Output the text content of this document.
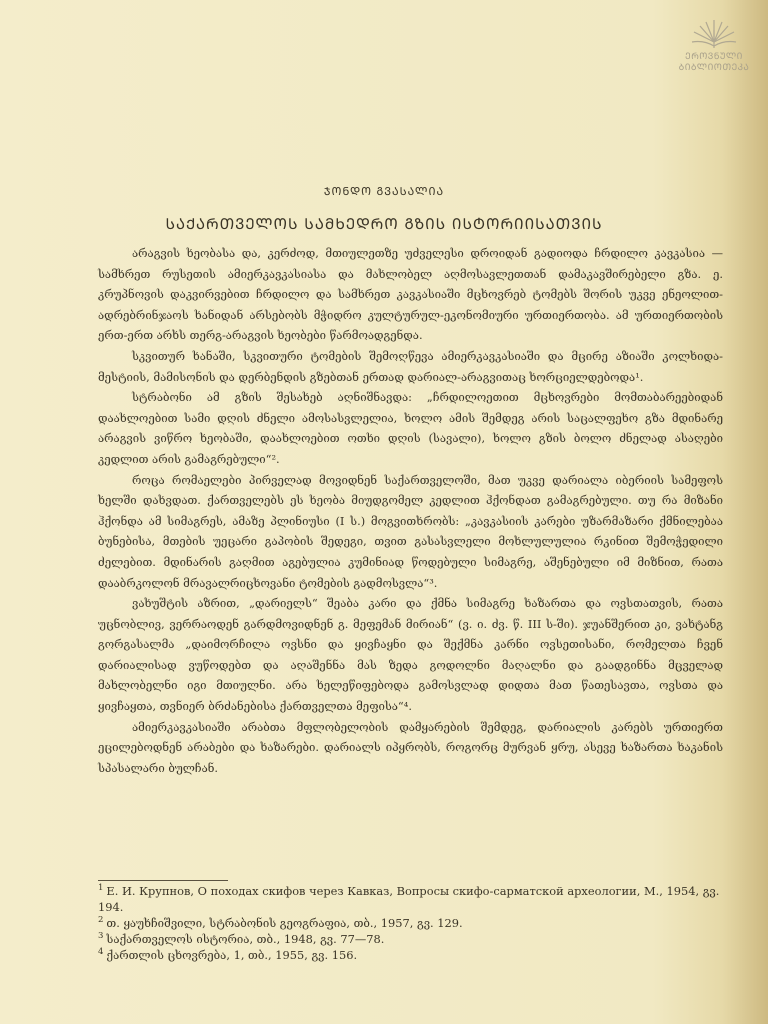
ᲔᲠᲝᲕᲜᲣᲚᲘ
ᲑᲘᲑᲚᲘᲝᲗᲔᲙᲐ
ᲯᲝᲜᲓᲝ ᲒᲕᲐᲡᲐᲚᲘᲐ
ᲡᲐᲥᲐᲠᲗᲕᲔᲚᲝᲡ ᲡᲐᲛᲮᲔᲓᲠᲝ ᲒᲖᲘᲡ ᲘᲡᲢᲝᲠᲘᲘᲡᲐᲗᲕᲘᲡ

არაგვის ხეობასა და, კერძოდ, მთიულეთზე უძველესი დროიდან გადიოდა ჩრდილო კავკასია — სამხრეთ რუსეთის ამიერკავკასიასა და მახლობელ აღმოსავლეთთან დამაკავშირებელი გზა. ე. კრუპნოვის დაკვირვებით ჩრდილო და სამხრეთ კავკასიაში მცხოვრებ ტომებს შორის უკვე ენეოლით-ადრებრინჯაოს ხანიდან არსებობს მჭიდრო კულტურულ-ეკონომიური ურთიერთობა. ამ ურთიერთობის ერთ-ერთ არხს თერგ-არაგვის ხეობები წარმოადგენდა.

სკვითურ ხანაში, სკვითური ტომების შემოღწევა ამიერკავკასიაში და მცირე აზიაში კოლხიდა-მესტიის, მამისონის და დერბენდის გზებთან ერთად დარიალ-არაგვითაც ხორციელდებოდა¹.

სტრაბონი ამ გზის შესახებ აღნიშნავდა: „ჩრდილოეთით მცხოვრები მომთაბარეებიდან დაახლოებით სამი დღის ძნელი ამოსასვლელია, ხოლო ამის შემდეგ არის საცალფეხო გზა მდინარე არაგვის ვიწრო ხეობაში, დაახლოებით ოთხი დღის (სავალი), ხოლო გზის ბოლო ძნელად ასაღები კედლით არის გამაგრებული“².

როცა რომაელები პირველად მოვიდნენ საქართველოში, მათ უკვე დარიალა იბერიის სამეფოს ხელში დახვდათ. ქართველებს ეს ხეობა მიუდგომელ კედლით ჰქონდათ გამაგრებული. თუ რა მიზანი ჰქონდა ამ სიმაგრეს, ამაზე პლინიუსი (I ს.) მოგვითხრობს: „კავკასიის კარები უზარმაზარი ქმნილებაა ბუნებისა, მთების უეცარი გაპობის შედეგი, თვით გასასვლელი მოხლულულია რკინით შემოჭედილი ძელებით. მდინარის გაღმით აგებულია კუმინიად წოდებული სიმაგრე, აშენებული იმ მიზნით, რათა დააბრკოლონ მრავალრიცხოვანი ტომების გადმოსვლა“³.

ვახუშტის აზრით, „დარიელს“ შეაბა კარი და ქმნა სიმაგრე ხაზართა და ოვსთათვის, რათა უცნობლივ, ვერრაოდენ გარდმოვიდნენ გ. მეფემან მირიან“ (ვ. ი. ძვ. წ. III ს-ში). ჯუანშერით კი, ვახტანგ გორგასალმა „დაიმორჩილა ოვსნი და ყივჩაყნი და შექმნა კარნი ოვსეთისანი, რომელთა ჩვენ დარიალისად ვუწოდებთ და აღაშენნა მას ზედა გოდოლნი მაღალნი და გაადგინნა მცველად მახლობელნი იგი მთიულნი. არა ხელეწიფებოდა გამოსვლად დიდთა მათ წათესავთა, ოვსთა და ყივჩაყთა, თვნიერ ბრძანებისა ქართველთა მეფისა“⁴.

ამიერკავკასიაში არაბთა მფლობელობის დამყარების შემდეგ, დარიალის კარებს ურთიერთ ეცილებოდნენ არაბები და ხაზარები. დარიალს იპყრობს, როგორც მურვან ყრუ, ასევე ხაზართა ხაკანის სპასალარი ბულჩან.

$^1$ Е. И. Крупнов, О походах скифов через Кавказ, Вопросы скифо-сарматской археологии, М., 1954, გვ. 194.

$^2$ თ. ყაუხჩიშვილი, სტრაბონის გეოგრაფია, თბ., 1957, გვ. 129.

$^3$ საქართველოს ისტორია, თბ., 1948, გვ. 77—78.

$^4$ ქართლის ცხოვრება, 1, თბ., 1955, გვ. 156.
